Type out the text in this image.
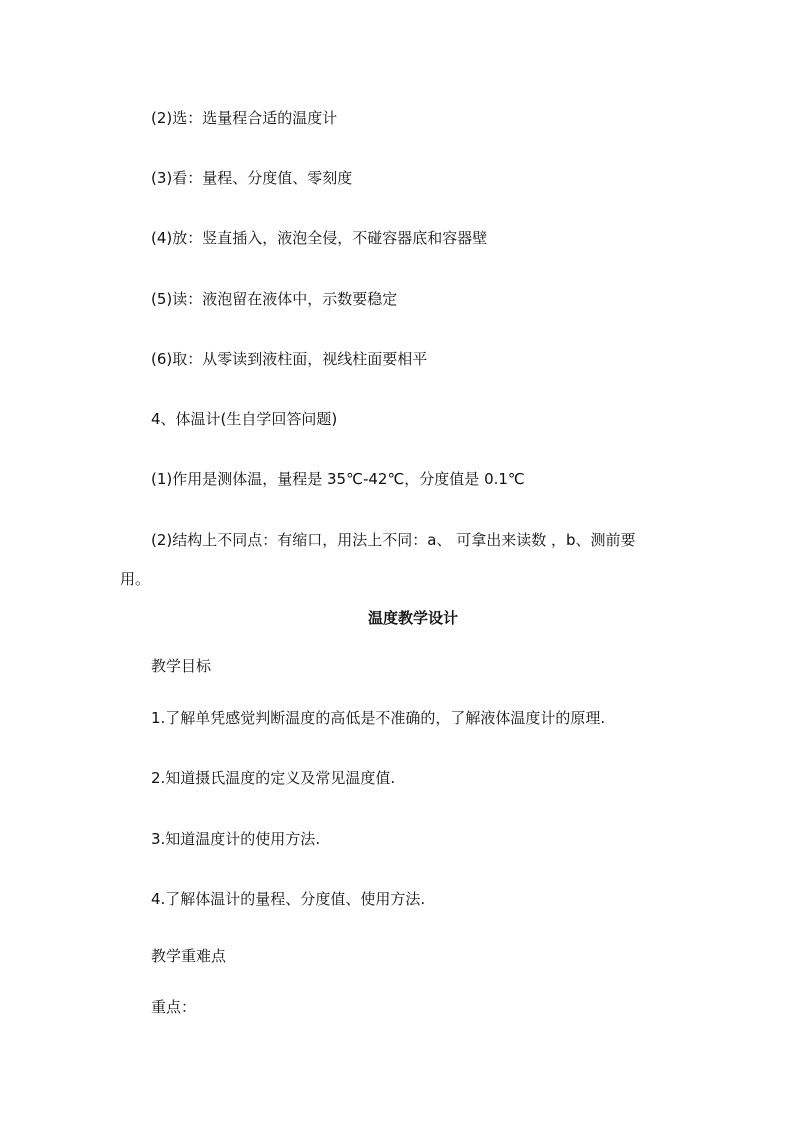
(2)选：选量程合适的温度计
(3)看：量程、分度值、零刻度
(4)放：竖直插入，液泡全侵，不碰容器底和容器壁
(5)读：液泡留在液体中，示数要稳定
(6)取：从零读到液柱面，视线柱面要相平
4、体温计(生自学回答问题)
(1)作用是测体温，量程是 35℃-42℃，分度值是 0.1℃
(2)结构上不同点：有缩口，用法上不同：a、 可拿出来读数 ，b、测前要
用。
温度教学设计
教学目标
1.了解单凭感觉判断温度的高低是不准确的，了解液体温度计的原理.
2.知道摄氏温度的定义及常见温度值.
3.知道温度计的使用方法.
4.了解体温计的量程、分度值、使用方法.
教学重难点
重点：
